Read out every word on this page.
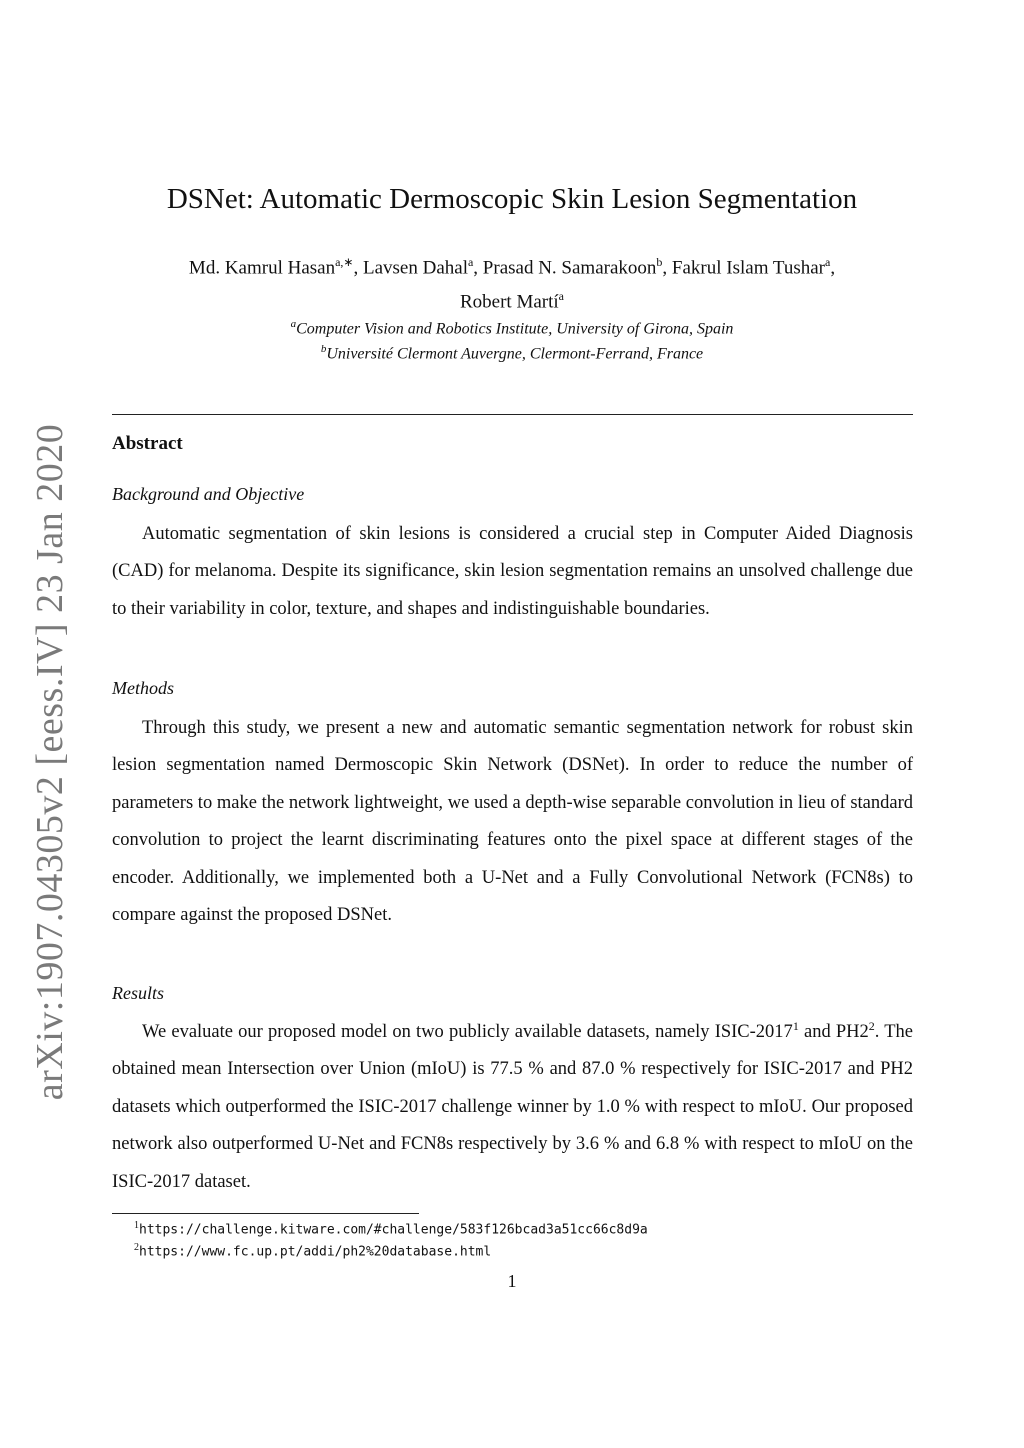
arXiv:1907.04305v2 [eess.IV] 23 Jan 2020
DSNet: Automatic Dermoscopic Skin Lesion Segmentation
Md. Kamrul Hasan$^{a,∗}$, Lavsen Dahal$^a$, Prasad N. Samarakoon$^b$, Fakrul Islam Tushar$^a$,
Robert Martí$^a$
$^a$Computer Vision and Robotics Institute, University of Girona, Spain
$^b$Université Clermont Auvergne, Clermont-Ferrand, France
Abstract
Background and Objective

Automatic segmentation of skin lesions is considered a crucial step in Computer Aided Diagnosis (CAD) for melanoma. Despite its significance, skin lesion segmentation remains an unsolved challenge due to their variability in color, texture, and shapes and indistinguishable boundaries.

Methods

Through this study, we present a new and automatic semantic segmentation network for robust skin lesion segmentation named Dermoscopic Skin Network (DSNet). In order to reduce the number of parameters to make the network lightweight, we used a depth-wise separable convolution in lieu of standard convolution to project the learnt discriminating features onto the pixel space at different stages of the encoder. Additionally, we implemented both a U-Net and a Fully Convolutional Network (FCN8s) to compare against the proposed DSNet.

Results

We evaluate our proposed model on two publicly available datasets, namely ISIC-2017$^1$ and $PH2^2$. The obtained mean Intersection over Union (mIoU) is 77.5 % and 87.0 % respectively for ISIC-2017 and PH2 datasets which outperformed the ISIC-2017 challenge winner by 1.0 % with respect to mIoU. Our proposed network also outperformed U-Net and FCN8s respectively by 3.6 % and 6.8 % with respect to mIoU on the ISIC-2017 dataset.

$^1$https://challenge.kitware.com/#challenge/583f126bcad3a51cc66c8d9a
$^2$https://www.fc.up.pt/addi/ph2%20database.html
1
